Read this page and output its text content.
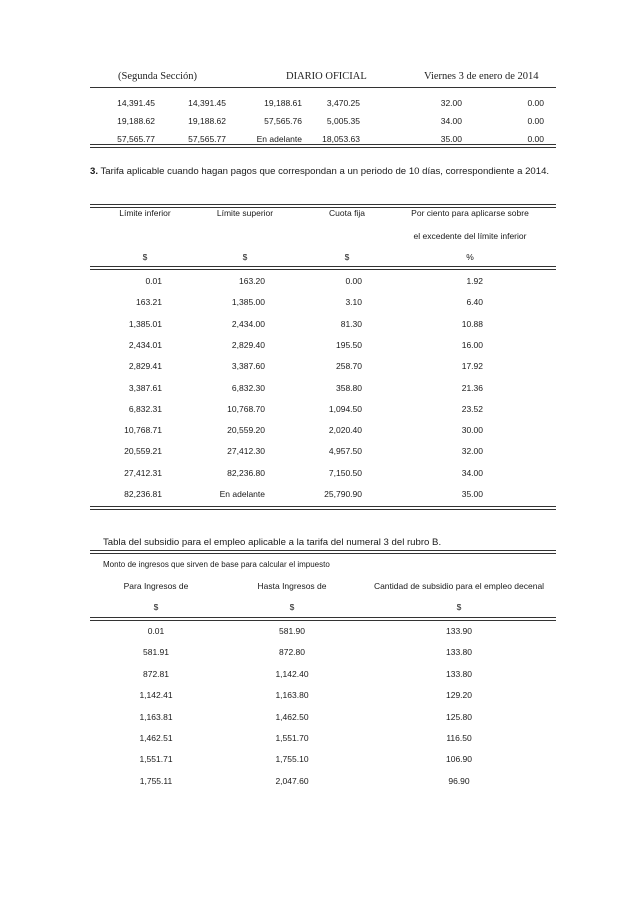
(Segunda Sección)	DIARIO OFICIAL	Viernes 3 de enero de 2014
14,391.45	14,391.45	19,188.61	3,470.25	32.00	0.00
19,188.62	19,188.62	57,565.76	5,005.35	34.00	0.00
57,565.77	57,565.77	En adelante	18,053.63	35.00	0.00
3. Tarifa aplicable cuando hagan pagos que correspondan a un periodo de 10 días, correspondiente a 2014.
Límite inferior	Límite superior	Cuota fija	Por ciento para aplicarse sobre
el excedente del límite inferior
$	$	$	%
0.01	163.20	0.00	1.92
163.21	1,385.00	3.10	6.40
1,385.01	2,434.00	81.30	10.88
2,434.01	2,829.40	195.50	16.00
2,829.41	3,387.60	258.70	17.92
3,387.61	6,832.30	358.80	21.36
6,832.31	10,768.70	1,094.50	23.52
10,768.71	20,559.20	2,020.40	30.00
20,559.21	27,412.30	4,957.50	32.00
27,412.31	82,236.80	7,150.50	34.00
82,236.81	En adelante	25,790.90	35.00
Tabla del subsidio para el empleo aplicable a la tarifa del numeral 3 del rubro B.
Monto de ingresos que sirven de base para calcular el impuesto
Para Ingresos de	Hasta Ingresos de	Cantidad de subsidio para el empleo decenal
$	$	$
0.01	581.90	133.90
581.91	872.80	133.80
872.81	1,142.40	133.80
1,142.41	1,163.80	129.20
1,163.81	1,462.50	125.80
1,462.51	1,551.70	116.50
1,551.71	1,755.10	106.90
1,755.11	2,047.60	96.90
